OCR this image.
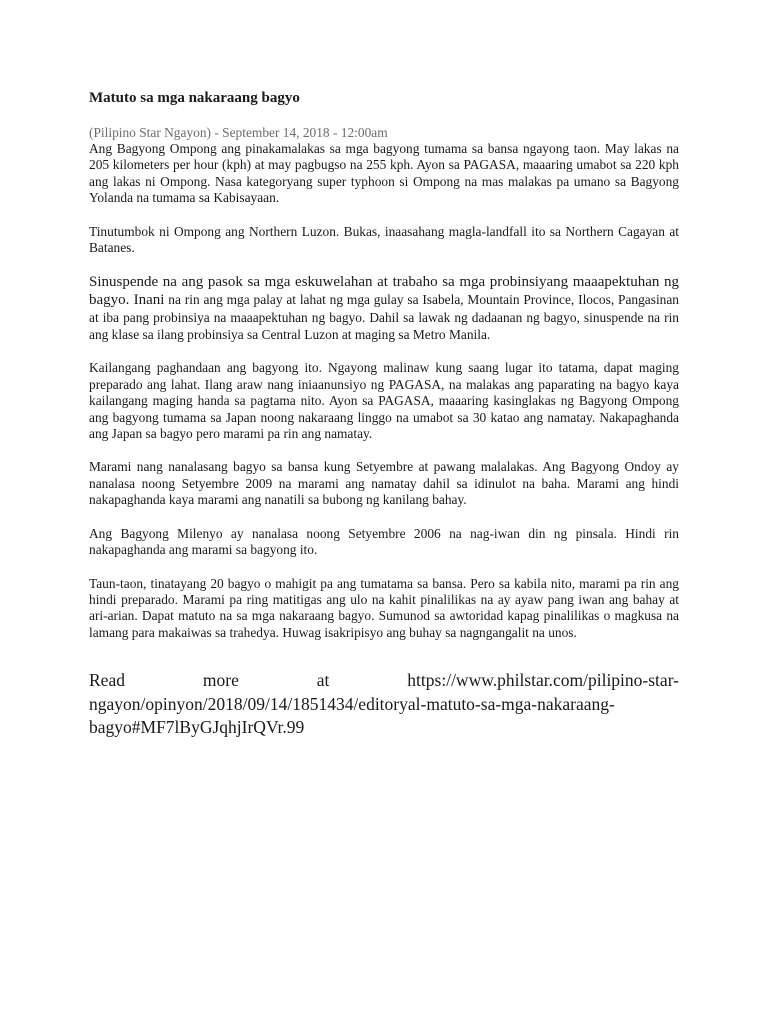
Matuto sa mga nakaraang bagyo
(Pilipino Star Ngayon) - September 14, 2018 - 12:00am

Ang Bagyong Ompong ang pinakamalakas sa mga bagyong tumama sa bansa ngayong taon. May lakas na 205 kilometers per hour (kph) at may pagbugso na 255 kph. Ayon sa PAGASA, maaaring umabot sa 220 kph ang lakas ni Ompong. Nasa kategoryang super typhoon si Ompong na mas malakas pa umano sa Bagyong Yolanda na tumama sa Kabisayaan.

Tinutumbok ni Ompong ang Northern Luzon. Bukas, inaasahang magla-landfall ito sa Northern Cagayan at Batanes.

Sinuspende na ang pasok sa mga eskuwelahan at trabaho sa mga probinsiyang maaapektuhan ng bagyo. Inani na rin ang mga palay at lahat ng mga gulay sa Isabela, Mountain Province, Ilocos, Pangasinan at iba pang probinsiya na maaapektuhan ng bagyo. Dahil sa lawak ng dadaanan ng bagyo, sinuspende na rin ang klase sa ilang probinsiya sa Central Luzon at maging sa Metro Manila.

Kailangang paghandaan ang bagyong ito. Ngayong malinaw kung saang lugar ito tatama, dapat maging preparado ang lahat. Ilang araw nang iniaanunsiyo ng PAGASA, na malakas ang paparating na bagyo kaya kailangang maging handa sa pagtama nito. Ayon sa PAGASA, maaaring kasinglakas ng Bagyong Ompong ang bagyong tumama sa Japan noong nakaraang linggo na umabot sa 30 katao ang namatay. Nakapaghanda ang Japan sa bagyo pero marami pa rin ang namatay.

Marami nang nanalasang bagyo sa bansa kung Setyembre at pawang malalakas. Ang Bagyong Ondoy ay nanalasa noong Setyembre 2009 na marami ang namatay dahil sa idinulot na baha. Marami ang hindi nakapaghanda kaya marami ang nanatili sa bubong ng kanilang bahay.

Ang Bagyong Milenyo ay nanalasa noong Setyembre 2006 na nag-iwan din ng pinsala. Hindi rin nakapaghanda ang marami sa bagyong ito.

Taun-taon, tinatayang 20 bagyo o mahigit pa ang tumatama sa bansa. Pero sa kabila nito, marami pa rin ang hindi preparado. Marami pa ring matitigas ang ulo na kahit pinalilikas na ay ayaw pang iwan ang bahay at ari-arian. Dapat matuto na sa mga nakaraang bagyo. Sumunod sa awtoridad kapag pinalilikas o magkusa na lamang para makaiwas sa trahedya. Huwag isakripisyo ang buhay sa nagngangalit na unos.

Read more at https://www.philstar.com/pilipino-star-ngayon/opinyon/2018/09/14/1851434/editoryal-matuto-sa-mga-nakaraang-bagyo#MF7lByGJqhjIrQVr.99
